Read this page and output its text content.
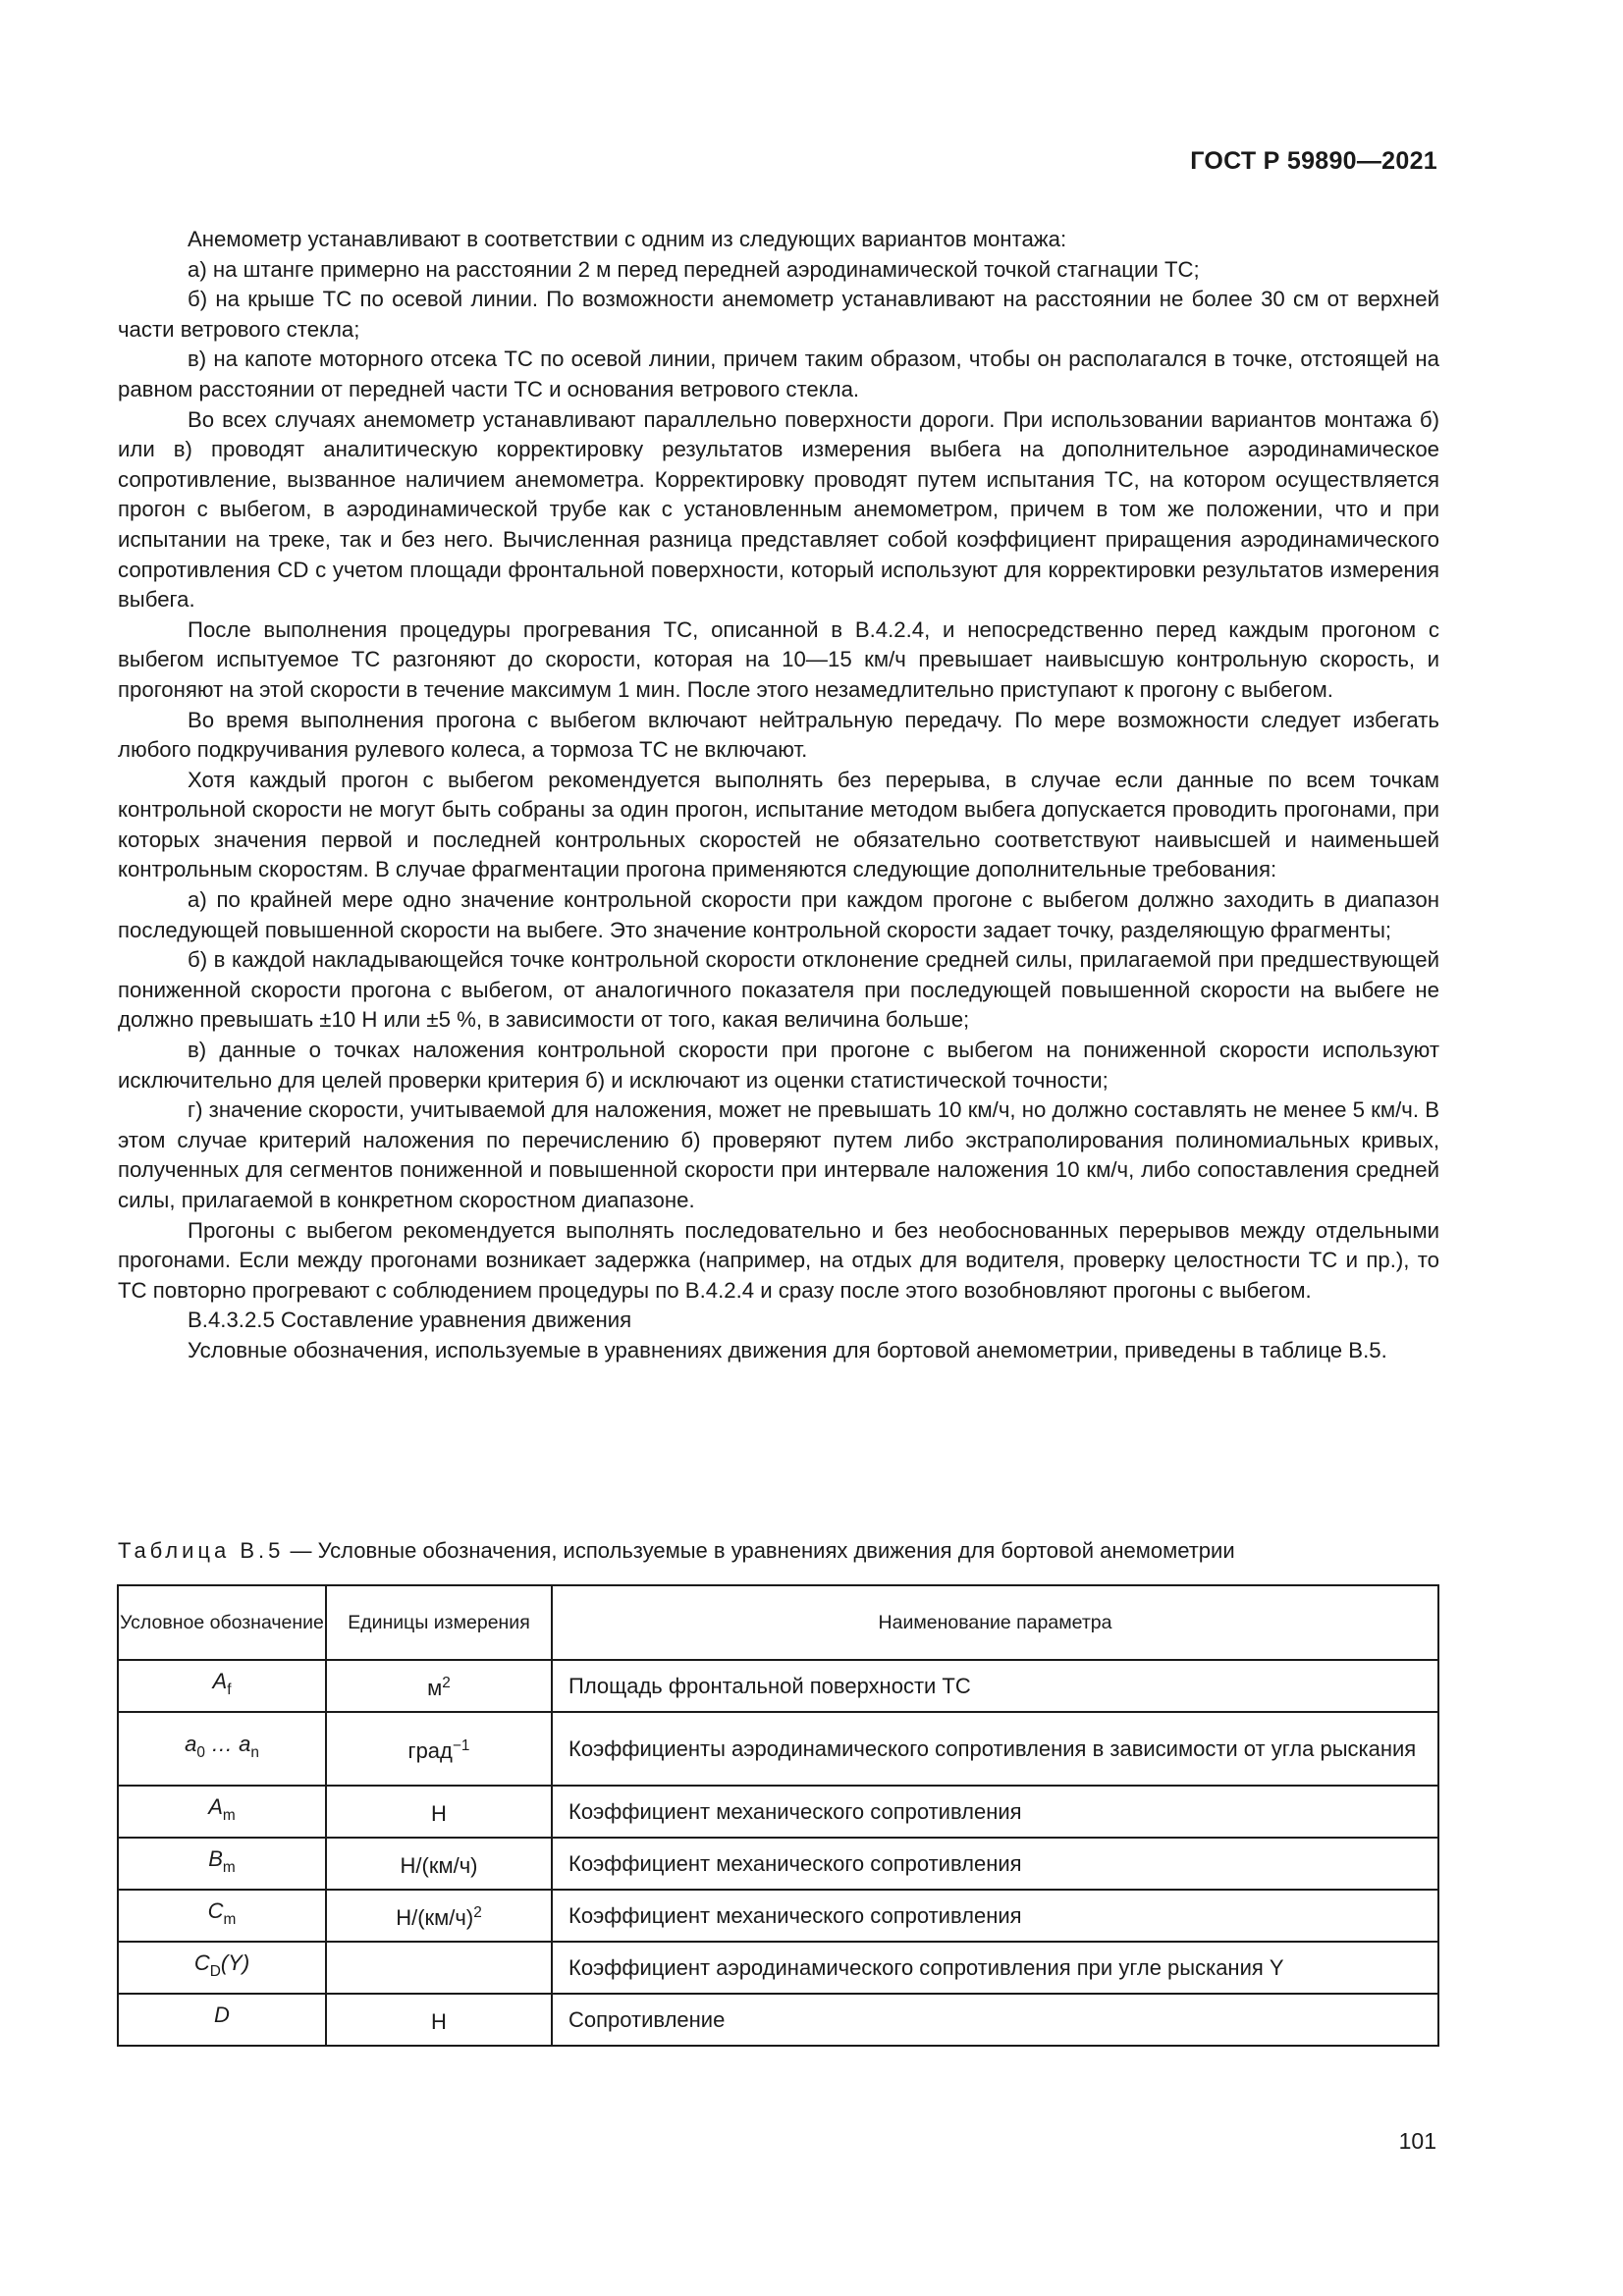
ГОСТ Р 59890—2021

Анемометр устанавливают в соответствии с одним из следующих вариантов монтажа:

а) на штанге примерно на расстоянии 2 м перед передней аэродинамической точкой стагнации ТС;

б) на крыше ТС по осевой линии. По возможности анемометр устанавливают на расстоянии не более 30 см от верхней части ветрового стекла;

в) на капоте моторного отсека ТС по осевой линии, причем таким образом, чтобы он располагался в точке, отстоящей на равном расстоянии от передней части ТС и основания ветрового стекла.

Во всех случаях анемометр устанавливают параллельно поверхности дороги. При использовании вариантов монтажа б) или в) проводят аналитическую корректировку результатов измерения выбега на дополнительное аэродинамическое сопротивление, вызванное наличием анемометра. Корректировку проводят путем испытания ТС, на котором осуществляется прогон с выбегом, в аэродинамической трубе как с установленным анемометром, причем в том же положении, что и при испытании на треке, так и без него. Вычисленная разница представляет собой коэффициент приращения аэродинамического сопротивления CD с учетом площади фронтальной поверхности, который используют для корректировки результатов измерения выбега.

После выполнения процедуры прогревания ТС, описанной в В.4.2.4, и непосредственно перед каждым прогоном с выбегом испытуемое ТС разгоняют до скорости, которая на 10—15 км/ч превышает наивысшую контрольную скорость, и прогоняют на этой скорости в течение максимум 1 мин. После этого незамедлительно приступают к прогону с выбегом.

Во время выполнения прогона с выбегом включают нейтральную передачу. По мере возможности следует избегать любого подкручивания рулевого колеса, а тормоза ТС не включают.

Хотя каждый прогон с выбегом рекомендуется выполнять без перерыва, в случае если данные по всем точкам контрольной скорости не могут быть собраны за один прогон, испытание методом выбега допускается проводить прогонами, при которых значения первой и последней контрольных скоростей не обязательно соответствуют наивысшей и наименьшей контрольным скоростям. В случае фрагментации прогона применяются следующие дополнительные требования:

а) по крайней мере одно значение контрольной скорости при каждом прогоне с выбегом должно заходить в диапазон последующей повышенной скорости на выбеге. Это значение контрольной скорости задает точку, разделяющую фрагменты;

б) в каждой накладывающейся точке контрольной скорости отклонение средней силы, прилагаемой при предшествующей пониженной скорости прогона с выбегом, от аналогичного показателя при последующей повышенной скорости на выбеге не должно превышать ±10 Н или ±5 %, в зависимости от того, какая величина больше;

в) данные о точках наложения контрольной скорости при прогоне с выбегом на пониженной скорости используют исключительно для целей проверки критерия б) и исключают из оценки статистической точности;

г) значение скорости, учитываемой для наложения, может не превышать 10 км/ч, но должно составлять не менее 5 км/ч. В этом случае критерий наложения по перечислению б) проверяют путем либо экстраполирования полиномиальных кривых, полученных для сегментов пониженной и повышенной скорости при интервале наложения 10 км/ч, либо сопоставления средней силы, прилагаемой в конкретном скоростном диапазоне.

Прогоны с выбегом рекомендуется выполнять последовательно и без необоснованных перерывов между отдельными прогонами. Если между прогонами возникает задержка (например, на отдых для водителя, проверку целостности ТС и пр.), то ТС повторно прогревают с соблюдением процедуры по В.4.2.4 и сразу после этого возобновляют прогоны с выбегом.

В.4.3.2.5 Составление уравнения движения

Условные обозначения, используемые в уравнениях движения для бортовой анемометрии, приведены в таблице В.5.

Таблица В.5 — Условные обозначения, используемые в уравнениях движения для бортовой анемометрии
Условное обозначение	Единицы измерения	Наименование параметра
$A_f$	$м^2$	Площадь фронтальной поверхности ТС
$a_0$ … $a_n$	град$^{-1}$	Коэффициенты аэродинамического сопротивления в зависимости от угла рыскания
$A_m$	Н	Коэффициент механического сопротивления
$B_m$	Н/(км/ч)	Коэффициент механического сопротивления
$C_m$	$Н/(км/ч)^2$	Коэффициент механического сопротивления
$C_D(Y)$		Коэффициент аэродинамического сопротивления при угле рыскания Y
D	Н	Сопротивление
101
